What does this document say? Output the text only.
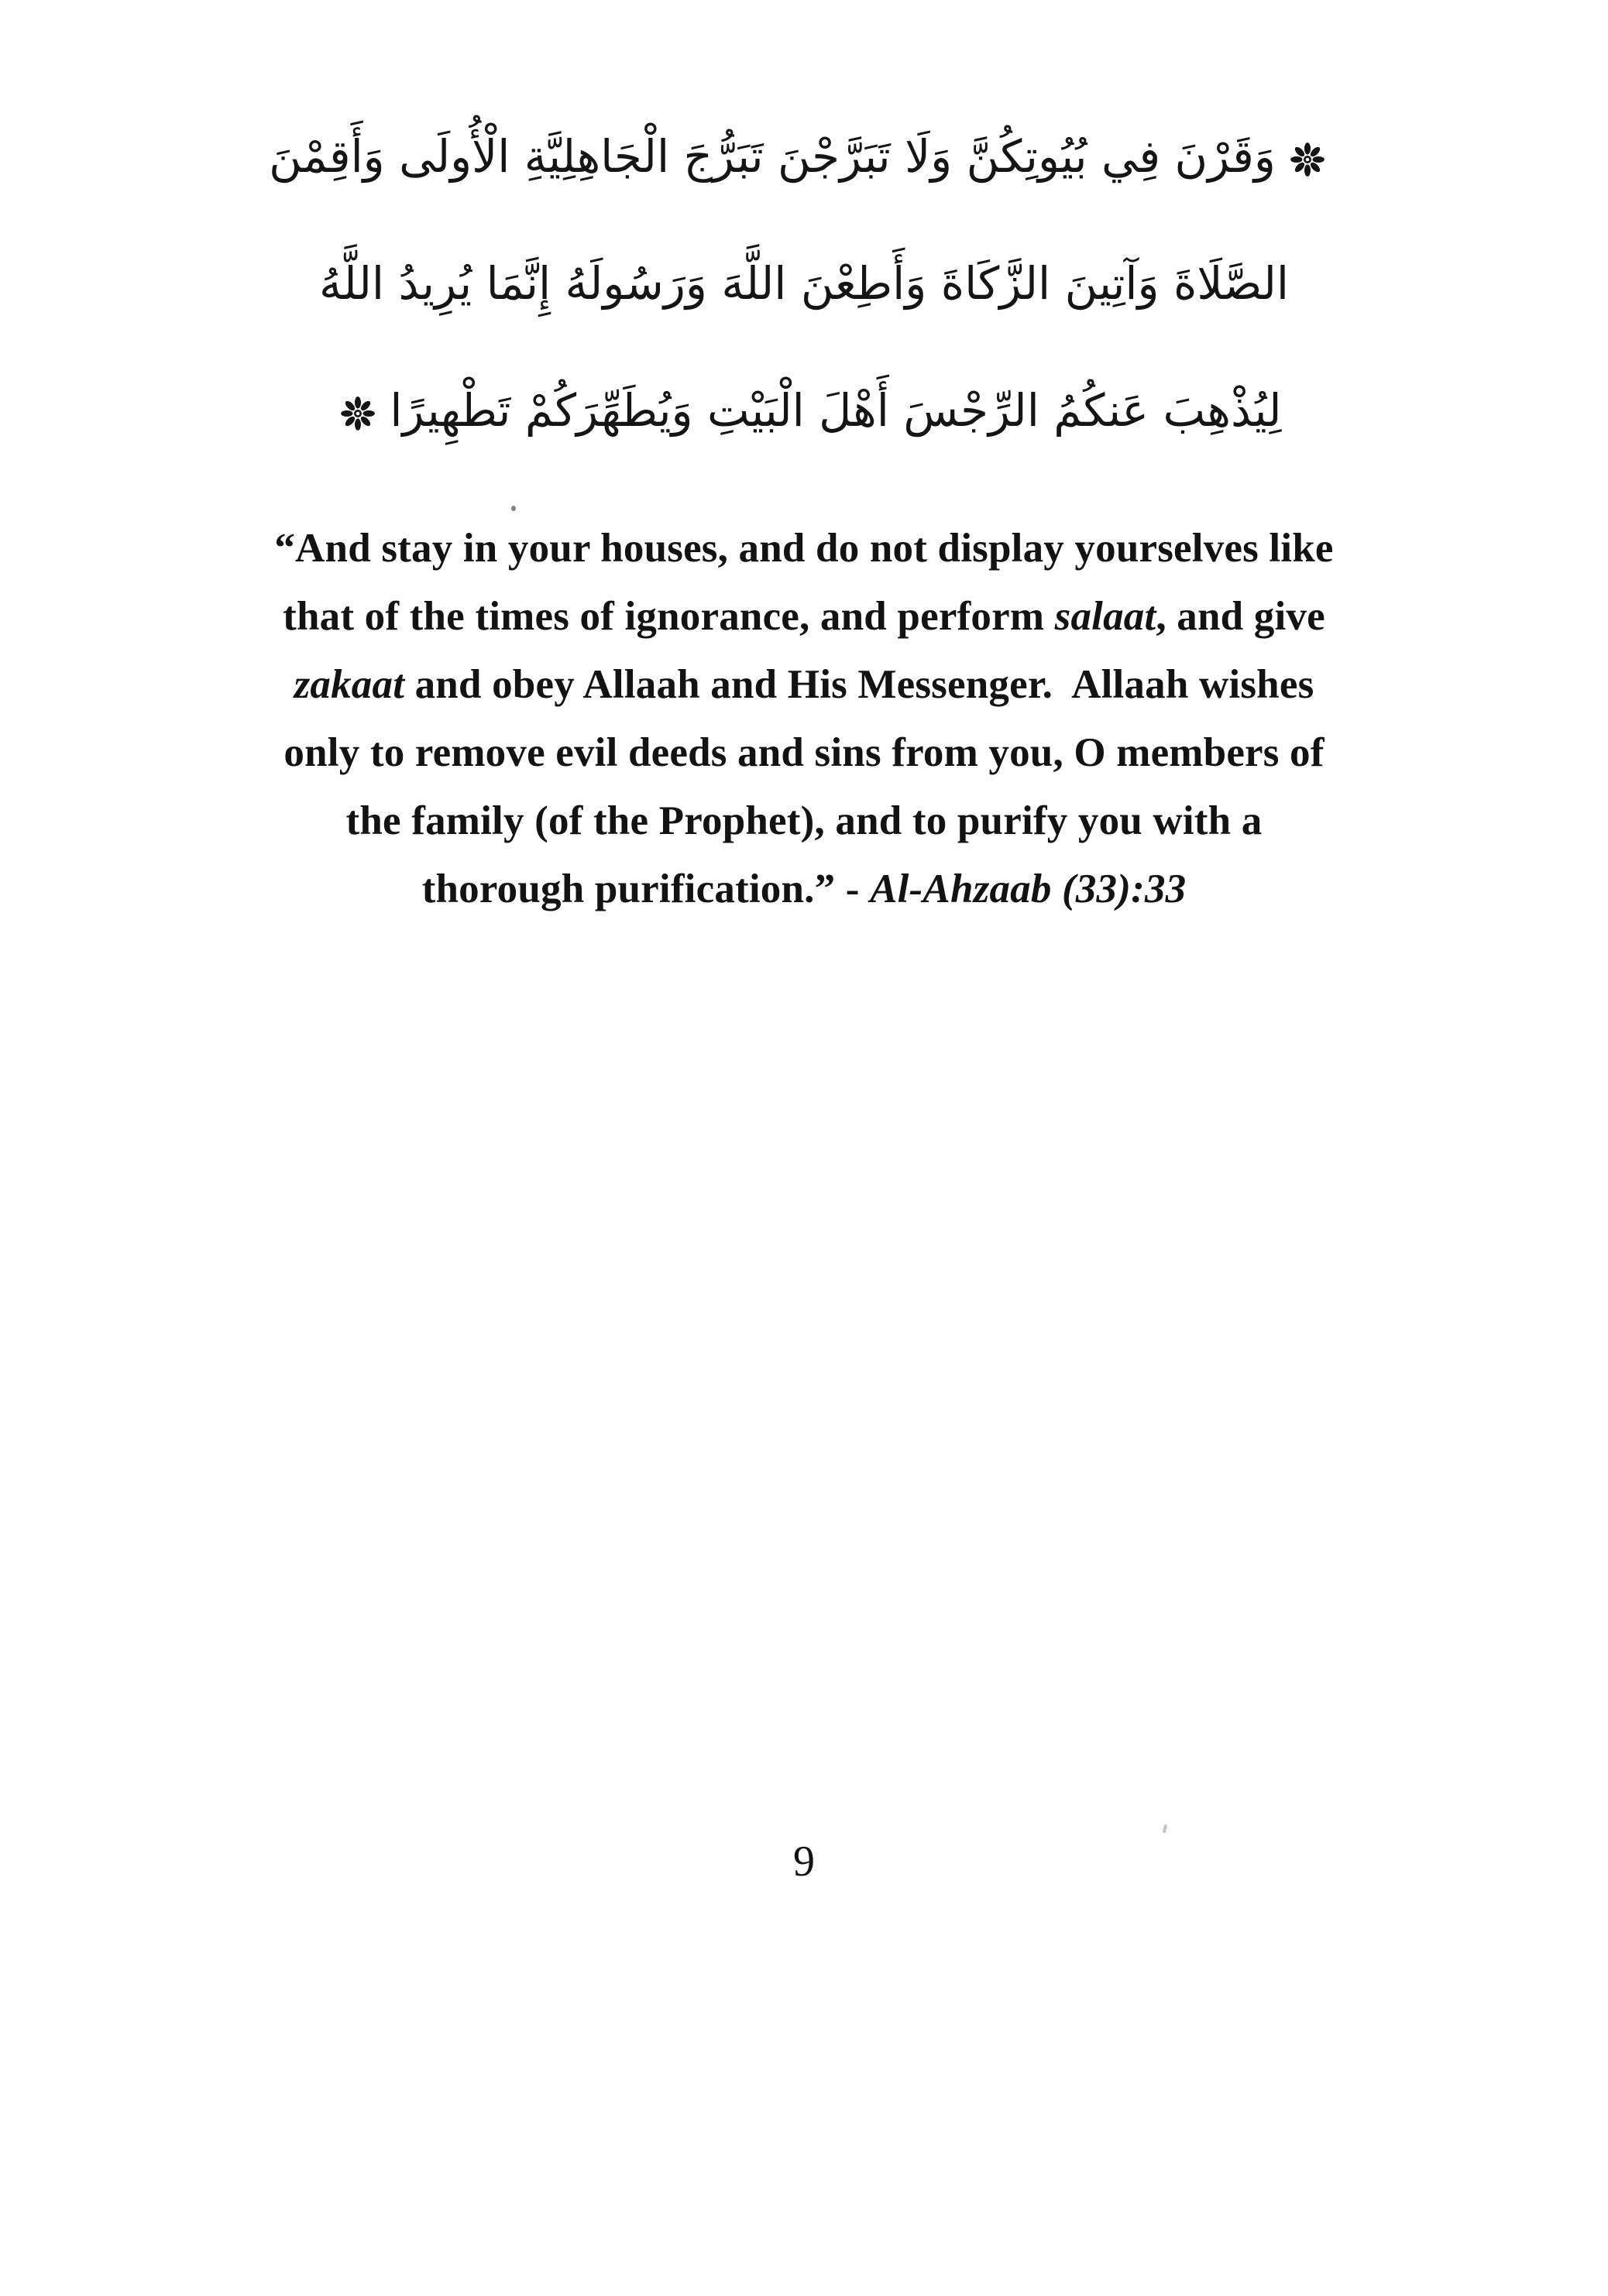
وَقَرْنَ فِي بُيُوتِكُنَّ وَلَا تَبَرَّجْنَ تَبَرُّجَ الْجَاهِلِيَّةِ الْأُولَى وَأَقِمْنَ
الصَّلَاةَ وَآتِينَ الزَّكَاةَ وَأَطِعْنَ اللَّهَ وَرَسُولَهُ إِنَّمَا يُرِيدُ اللَّهُ
لِيُذْهِبَ عَنكُمُ الرِّجْسَ أَهْلَ الْبَيْتِ وَيُطَهِّرَكُمْ تَطْهِيرًا
“And stay in your houses, and do not display yourselves like
that of the times of ignorance, and perform salaat, and give
zakaat and obey Allaah and His Messenger.  Allaah wishes
only to remove evil deeds and sins from you, O members of
the family (of the Prophet), and to purify you with a
thorough purification.” - Al-Ahzaab (33):33
9
